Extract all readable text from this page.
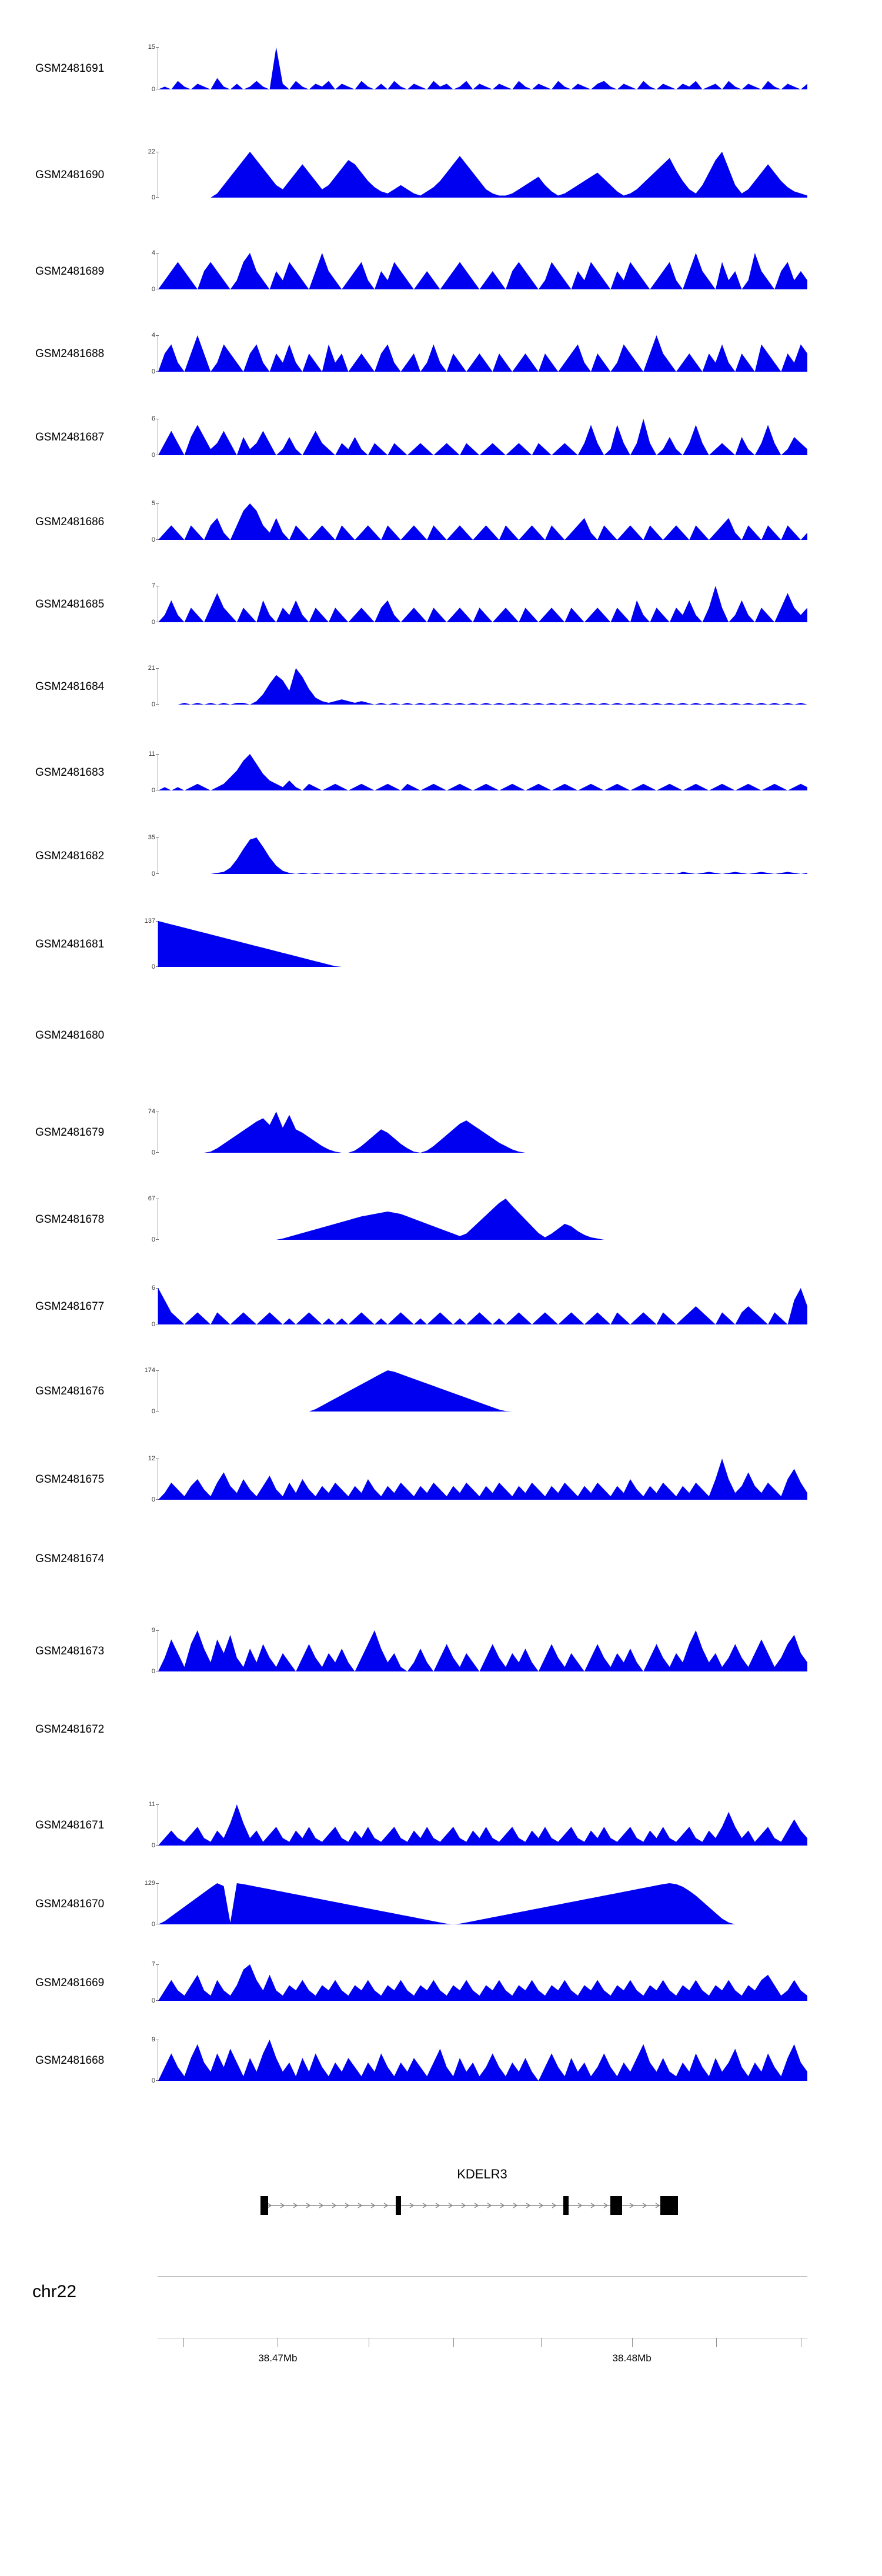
GSM2481691
15
0
GSM2481690
22
0
GSM2481689
4
0
GSM2481688
4
0
GSM2481687
6
0
GSM2481686
5
0
GSM2481685
7
0
GSM2481684
21
0
GSM2481683
11
0
GSM2481682
35
0
GSM2481681
137
0
GSM2481680
GSM2481679
74
0
GSM2481678
67
0
GSM2481677
6
0
GSM2481676
174
0
GSM2481675
12
0
GSM2481674
GSM2481673
9
0
GSM2481672
GSM2481671
11
0
GSM2481670
129
0
GSM2481669
7
0
GSM2481668
9
0
KDELR3
chr22
38.47Mb	38.48Mb
